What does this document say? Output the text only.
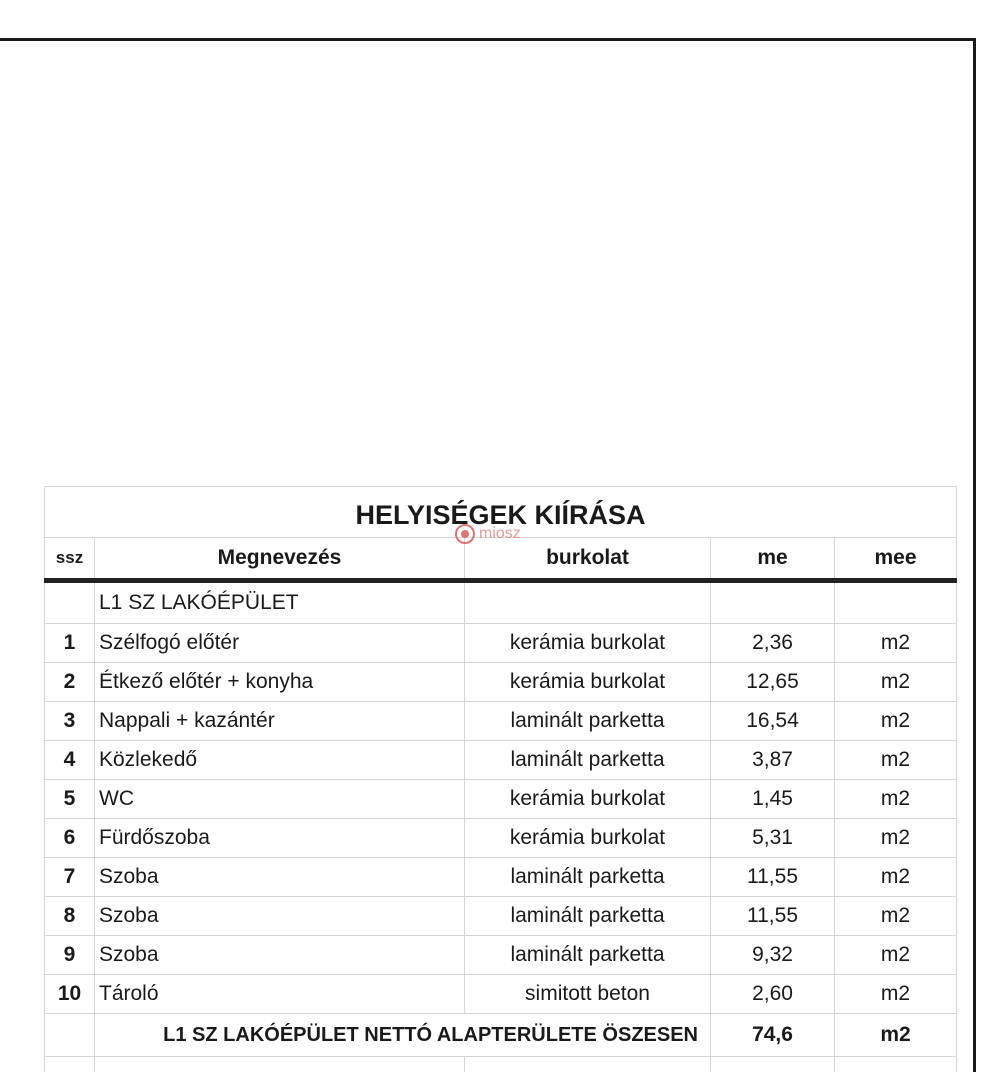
HELYISÉGEK KIÍRÁSA				
ssz	Megnevezés	burkolat	me	mee
	L1 SZ LAKÓÉPÜLET			
1	Szélfogó előtér	kerámia burkolat	2,36	m2
2	Étkező előtér + konyha	kerámia burkolat	12,65	m2
3	Nappali + kazántér	laminált parketta	16,54	m2
4	Közlekedő	laminált parketta	3,87	m2
5	WC	kerámia burkolat	1,45	m2
6	Fürdőszoba	kerámia burkolat	5,31	m2
7	Szoba	laminált parketta	11,55	m2
8	Szoba	laminált parketta	11,55	m2
9	Szoba	laminált parketta	9,32	m2
10	Tároló	simitott beton	2,60	m2
	L1 SZ LAKÓÉPÜLET NETTÓ ALAPTERÜLETE ÖSZESEN		74,6	m2

miosz
